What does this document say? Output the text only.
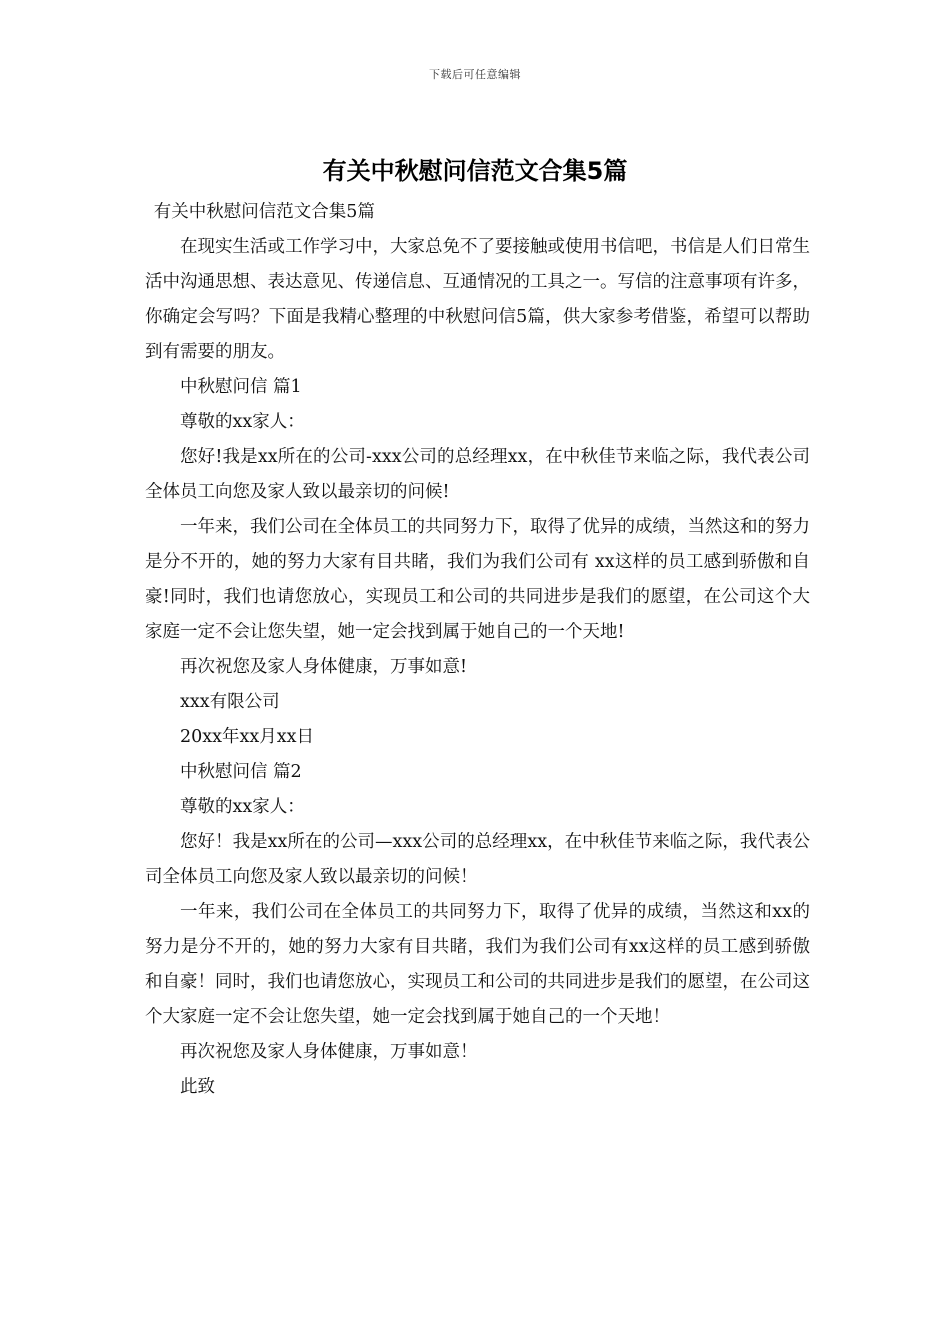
下载后可任意编辑
有关中秋慰问信范文合集5篇

有关中秋慰问信范文合集5篇

在现实生活或工作学习中，大家总免不了要接触或使用书信吧，书信是人们日常生活中沟通思想、表达意见、传递信息、互通情况的工具之一。写信的注意事项有许多，你确定会写吗？下面是我精心整理的中秋慰问信5篇，供大家参考借鉴，希望可以帮助到有需要的朋友。

中秋慰问信 篇1

尊敬的xx家人：

您好!我是xx所在的公司-xxx公司的总经理xx，在中秋佳节来临之际，我代表公司全体员工向您及家人致以最亲切的问候!

一年来，我们公司在全体员工的共同努力下，取得了优异的成绩，当然这和的努力是分不开的，她的努力大家有目共睹，我们为我们公司有 xx这样的员工感到骄傲和自豪!同时，我们也请您放心，实现员工和公司的共同进步是我们的愿望，在公司这个大家庭一定不会让您失望，她一定会找到属于她自己的一个天地!

再次祝您及家人身体健康，万事如意!

xxx有限公司

20xx年xx月xx日

中秋慰问信 篇2

尊敬的xx家人：

您好！我是xx所在的公司—xxx公司的总经理xx，在中秋佳节来临之际，我代表公司全体员工向您及家人致以最亲切的问候！

一年来，我们公司在全体员工的共同努力下，取得了优异的成绩，当然这和xx的努力是分不开的，她的努力大家有目共睹，我们为我们公司有xx这样的员工感到骄傲和自豪！同时，我们也请您放心，实现员工和公司的共同进步是我们的愿望，在公司这个大家庭一定不会让您失望，她一定会找到属于她自己的一个天地！

再次祝您及家人身体健康，万事如意！

此致
